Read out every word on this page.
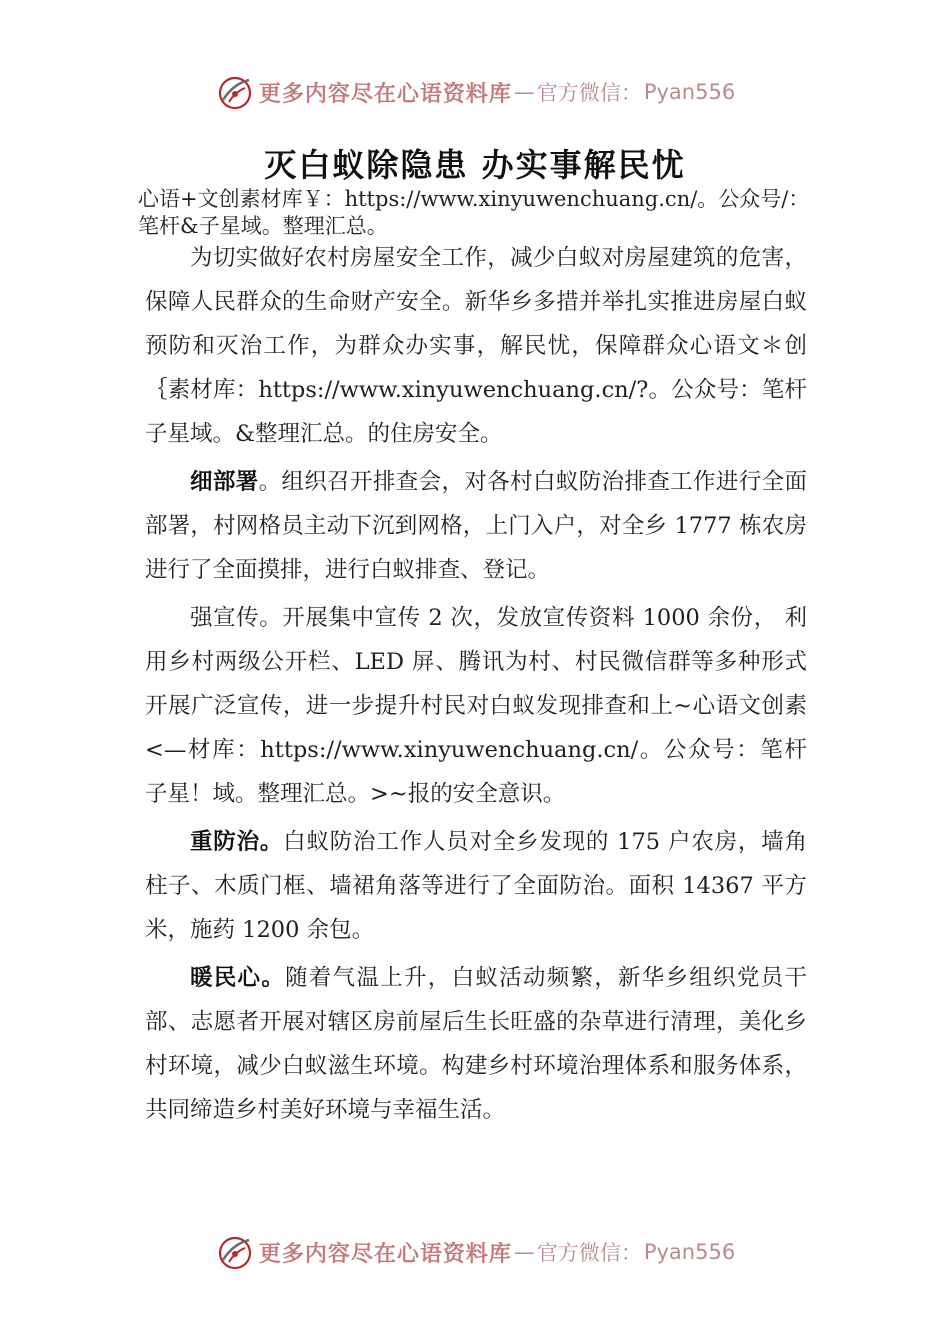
更多内容尽在心语资料库 — 官方微信： Pyan556
灭白蚁除隐患 办实事解民忧
心语+文创素材库￥：https://www.xinyuwenchuang.cn/。公众号/：笔杆&子星域。整理汇总。

为切实做好农村房屋安全工作，减少白蚁对房屋建筑的危害，保障人民群众的生命财产安全。新华乡多措并举扎实推进房屋白蚁预防和灭治工作，为群众办实事，解民忧，保障群众心语文＊创｛素材库：https://www.xinyuwenchuang.cn/?。公众号：笔杆子星域。&整理汇总。的住房安全。

细部署。组织召开排查会，对各村白蚁防治排查工作进行全面部署，村网格员主动下沉到网格，上门入户，对全乡 1777 栋农房进行了全面摸排，进行白蚁排查、登记。

强宣传。开展集中宣传 2 次，发放宣传资料 1000 余份， 利用乡村两级公开栏、LED 屏、腾讯为村、村民微信群等多种形式开展广泛宣传，进一步提升村民对白蚁发现排查和上~心语文创素<—材库：https://www.xinyuwenchuang.cn/。公众号：笔杆子星！域。整理汇总。>~报的安全意识。

重防治。白蚁防治工作人员对全乡发现的 175 户农房，墙角柱子、木质门框、墙裙角落等进行了全面防治。面积 14367 平方米，施药 1200 余包。

暖民心。随着气温上升，白蚁活动频繁，新华乡组织党员干部、志愿者开展对辖区房前屋后生长旺盛的杂草进行清理，美化乡村环境，减少白蚁滋生环境。构建乡村环境治理体系和服务体系，共同缔造乡村美好环境与幸福生活。

更多内容尽在心语资料库 — 官方微信： Pyan556
